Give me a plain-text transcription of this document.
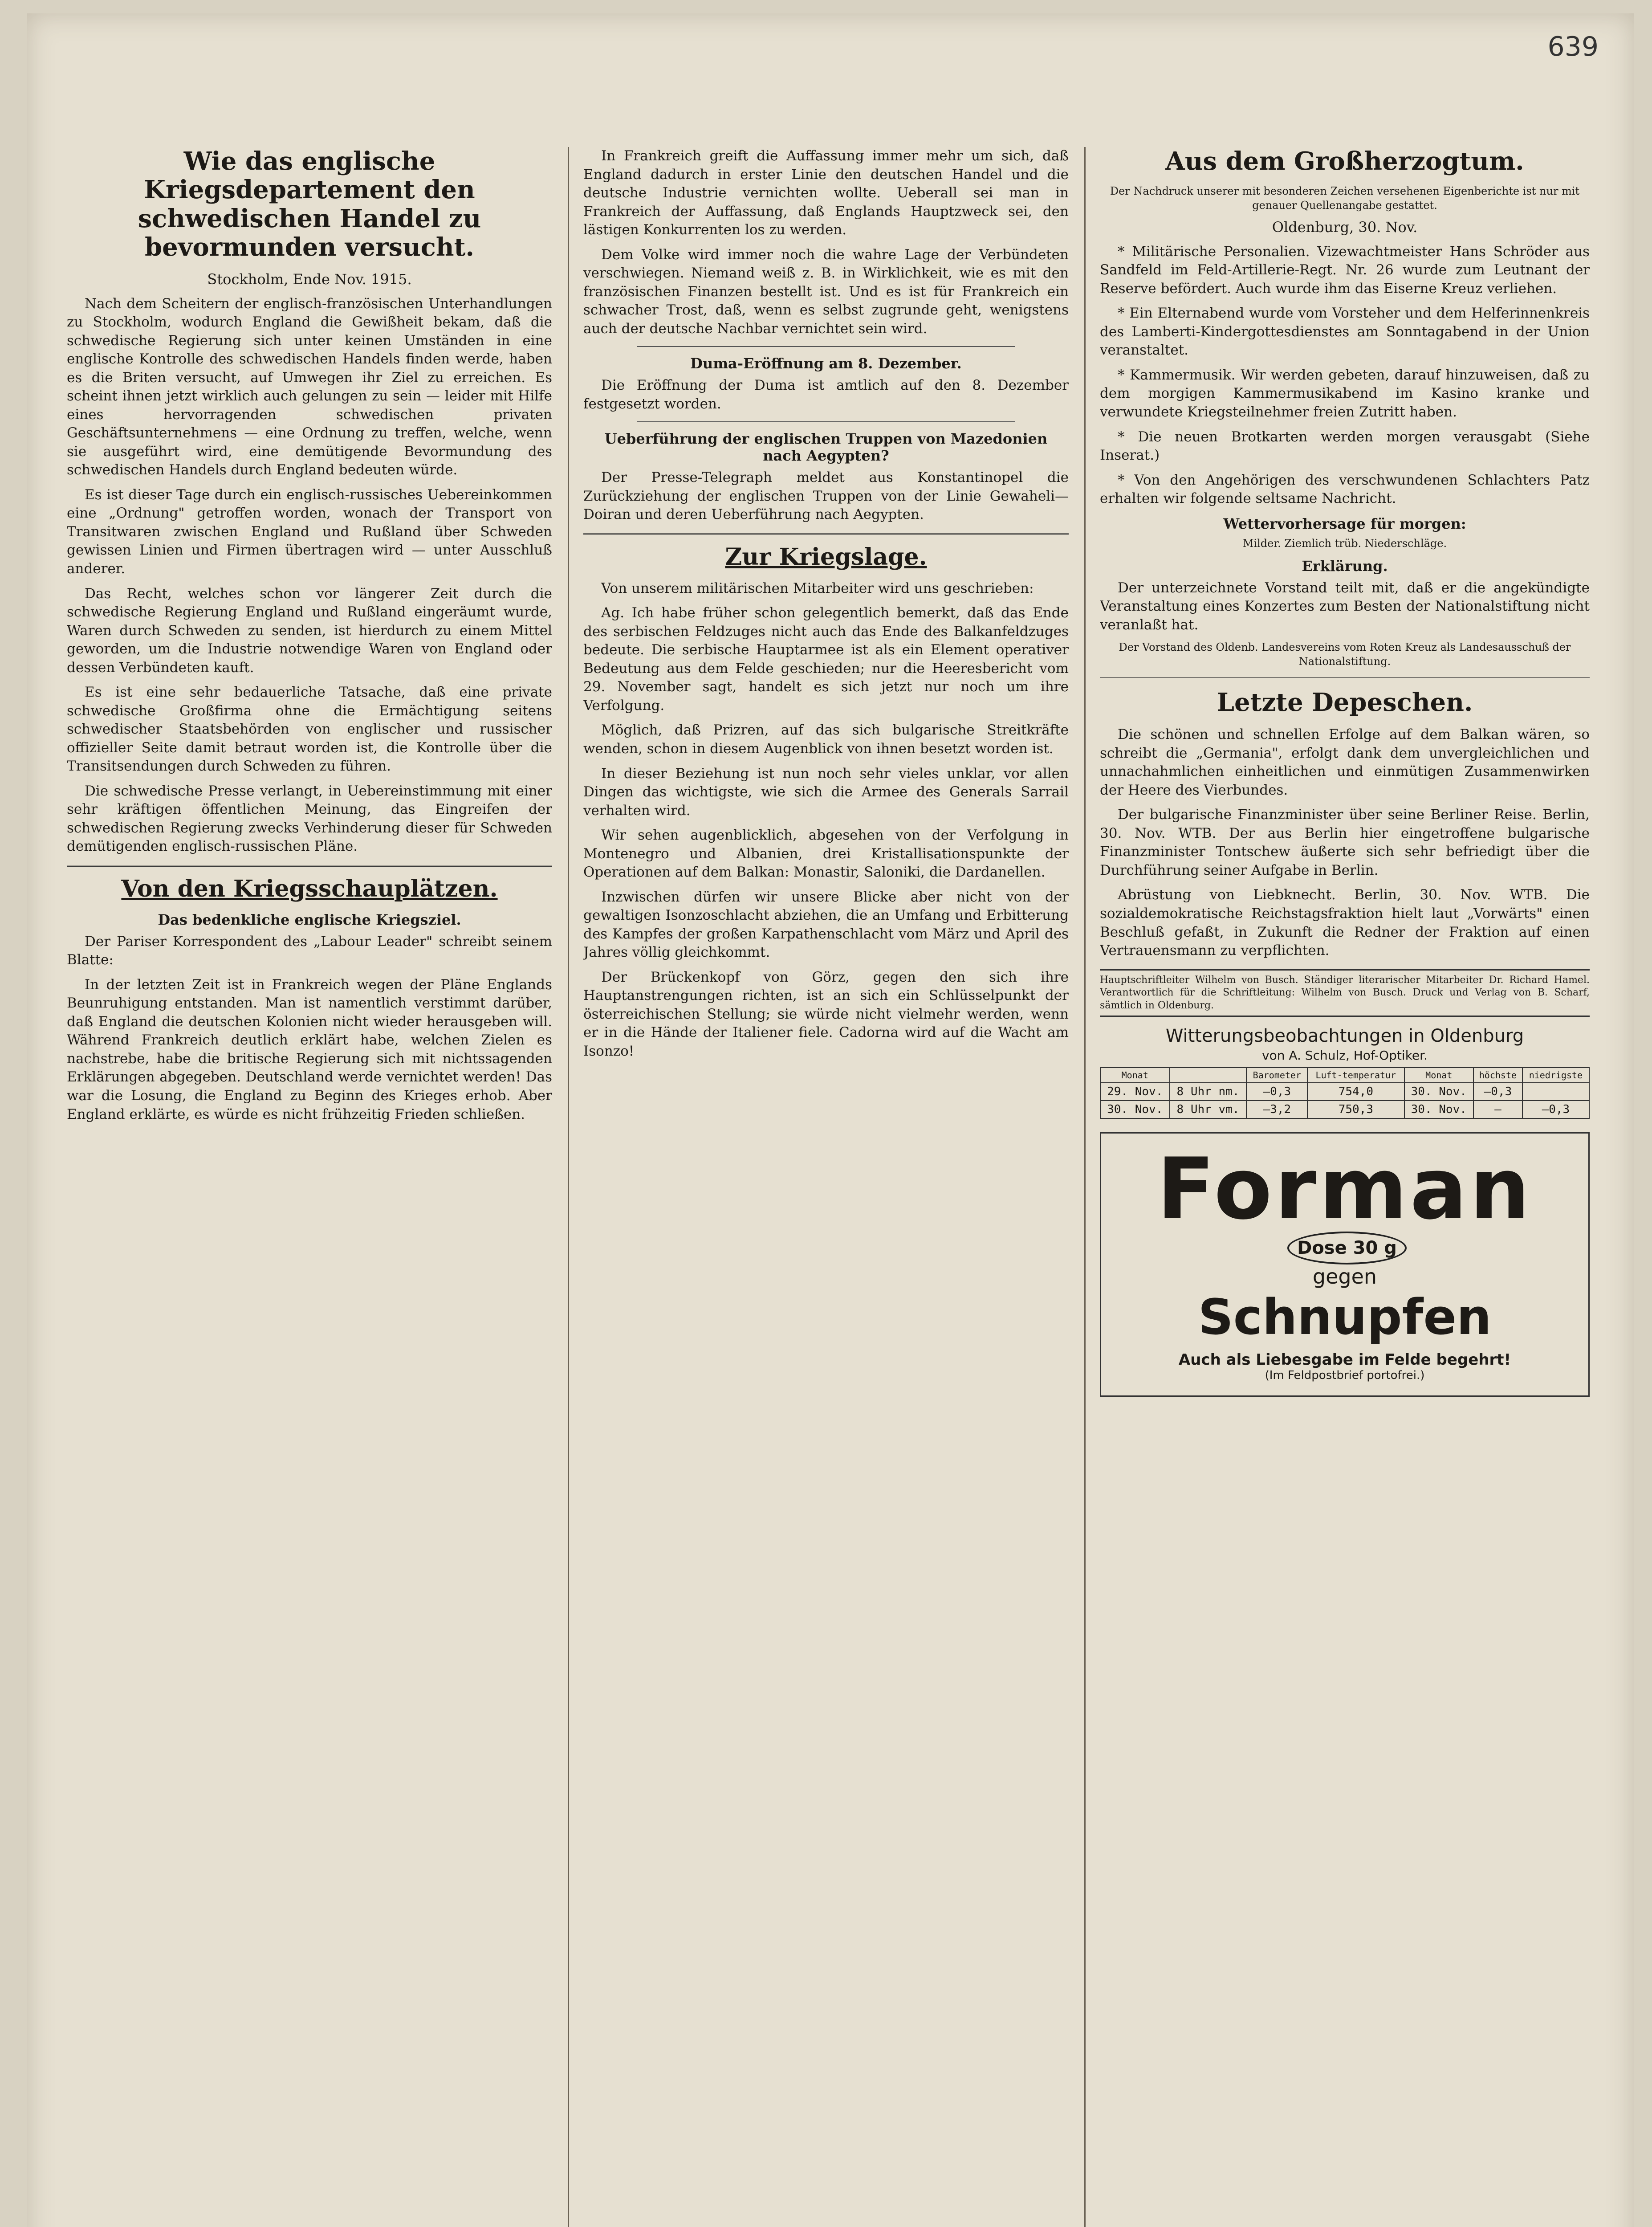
639
Wie das englische Kriegsdepartement den schwedischen Handel zu bevormunden versucht.
Stockholm, Ende Nov. 1915.

Nach dem Scheitern der englisch-französischen Unterhandlungen zu Stockholm, wodurch England die Gewißheit bekam, daß die schwedische Regierung sich unter keinen Umständen in eine englische Kontrolle des schwedischen Handels finden werde, haben es die Briten versucht, auf Umwegen ihr Ziel zu erreichen. Es scheint ihnen jetzt wirklich auch gelungen zu sein — leider mit Hilfe eines hervorragenden schwedischen privaten Geschäftsunternehmens — eine Ordnung zu treffen, welche, wenn sie ausgeführt wird, eine demütigende Bevormundung des schwedischen Handels durch England bedeuten würde.

Es ist dieser Tage durch ein englisch-russisches Uebereinkommen eine „Ordnung" getroffen worden, wonach der Transport von Transitwaren zwischen England und Rußland über Schweden gewissen Linien und Firmen übertragen wird — unter Ausschluß anderer.

Das Recht, welches schon vor längerer Zeit durch die schwedische Regierung England und Rußland eingeräumt wurde, Waren durch Schweden zu senden, ist hierdurch zu einem Mittel geworden, um die Industrie notwendige Waren von England oder dessen Verbündeten kauft.

Es ist eine sehr bedauerliche Tatsache, daß eine private schwedische Großfirma ohne die Ermächtigung seitens schwedischer Staatsbehörden von englischer und russischer offizieller Seite damit betraut worden ist, die Kontrolle über die Transitsendungen durch Schweden zu führen.

Die schwedische Presse verlangt, in Uebereinstimmung mit einer sehr kräftigen öffentlichen Meinung, das Eingreifen der schwedischen Regierung zwecks Verhinderung dieser für Schweden demütigenden englisch-russischen Pläne.

Von den Kriegsschauplätzen.
Das bedenkliche englische Kriegsziel.

Der Pariser Korrespondent des „Labour Leader" schreibt seinem Blatte:

In der letzten Zeit ist in Frankreich wegen der Pläne Englands Beunruhigung entstanden. Man ist namentlich verstimmt darüber, daß England die deutschen Kolonien nicht wieder herausgeben will. Während Frankreich deutlich erklärt habe, welchen Zielen es nachstrebe, habe die britische Regierung sich mit nichtssagenden Erklärungen abgegeben. Deutschland werde vernichtet werden! Das war die Losung, die England zu Beginn des Krieges erhob. Aber England erklärte, es würde es nicht frühzeitig Frieden schließen.

In Frankreich greift die Auffassung immer mehr um sich, daß England dadurch in erster Linie den deutschen Handel und die deutsche Industrie vernichten wollte. Ueberall sei man in Frankreich der Auffassung, daß Englands Hauptzweck sei, den lästigen Konkurrenten los zu werden.

Dem Volke wird immer noch die wahre Lage der Verbündeten verschwiegen. Niemand weiß z. B. in Wirklichkeit, wie es mit den französischen Finanzen bestellt ist. Und es ist für Frankreich ein schwacher Trost, daß, wenn es selbst zugrunde geht, wenigstens auch der deutsche Nachbar vernichtet sein wird.

Duma-Eröffnung am 8. Dezember.

Die Eröffnung der Duma ist amtlich auf den 8. Dezember festgesetzt worden.

Ueberführung der englischen Truppen von Mazedonien nach Aegypten?

Der Presse-Telegraph meldet aus Konstantinopel die Zurückziehung der englischen Truppen von der Linie Gewaheli—Doiran und deren Ueberführung nach Aegypten.

Zur Kriegslage.

Von unserem militärischen Mitarbeiter wird uns geschrieben:

Ag. Ich habe früher schon gelegentlich bemerkt, daß das Ende des serbischen Feldzuges nicht auch das Ende des Balkanfeldzuges bedeute. Die serbische Hauptarmee ist als ein Element operativer Bedeutung aus dem Felde geschieden; nur die Heeresbericht vom 29. November sagt, handelt es sich jetzt nur noch um ihre Verfolgung.

Möglich, daß Prizren, auf das sich bulgarische Streitkräfte wenden, schon in diesem Augenblick von ihnen besetzt worden ist.

In dieser Beziehung ist nun noch sehr vieles unklar, vor allen Dingen das wichtigste, wie sich die Armee des Generals Sarrail verhalten wird.

Wir sehen augenblicklich, abgesehen von der Verfolgung in Montenegro und Albanien, drei Kristallisationspunkte der Operationen auf dem Balkan: Monastir, Saloniki, die Dardanellen.

Inzwischen dürfen wir unsere Blicke aber nicht von der gewaltigen Isonzoschlacht abziehen, die an Umfang und Erbitterung des Kampfes der großen Karpathenschlacht vom März und April des Jahres völlig gleichkommt.

Der Brückenkopf von Görz, gegen den sich ihre Hauptanstrengungen richten, ist an sich ein Schlüsselpunkt der österreichischen Stellung; sie würde nicht vielmehr werden, wenn er in die Hände der Italiener fiele. Cadorna wird auf die Wacht am Isonzo!

Aus dem Großherzogtum.

Der Nachdruck unserer mit besonderen Zeichen versehenen Eigenberichte ist nur mit genauer Quellenangabe gestattet.

Oldenburg, 30. Nov.

* Militärische Personalien. Vizewachtmeister Hans Schröder aus Sandfeld im Feld-Artillerie-Regt. Nr. 26 wurde zum Leutnant der Reserve befördert. Auch wurde ihm das Eiserne Kreuz verliehen.

* Ein Elternabend wurde vom Vorsteher und dem Helferinnenkreis des Lamberti-Kindergottesdienstes am Sonntagabend in der Union veranstaltet.

* Kammermusik. Wir werden gebeten, darauf hinzuweisen, daß zu dem morgigen Kammermusikabend im Kasino kranke und verwundete Kriegsteilnehmer freien Zutritt haben.

* Die neuen Brotkarten werden morgen verausgabt (Siehe Inserat.)

* Von den Angehörigen des verschwundenen Schlachters Patz erhalten wir folgende seltsame Nachricht.

Wettervorhersage für morgen:

Milder. Ziemlich trüb. Niederschläge.

Erklärung.

Der unterzeichnete Vorstand teilt mit, daß er die angekündigte Veranstaltung eines Konzertes zum Besten der Nationalstiftung nicht veranlaßt hat.

Der Vorstand des Oldenb. Landesvereins vom Roten Kreuz als Landesausschuß der Nationalstiftung.

Letzte Depeschen.

Die schönen und schnellen Erfolge auf dem Balkan wären, so schreibt die „Germania", erfolgt dank dem unvergleichlichen und unnachahmlichen einheitlichen und einmütigen Zusammenwirken der Heere des Vierbundes.

Der bulgarische Finanzminister über seine Berliner Reise. Berlin, 30. Nov. WTB. Der aus Berlin hier eingetroffene bulgarische Finanzminister Tontschew äußerte sich sehr befriedigt über die Durchführung seiner Aufgabe in Berlin.

Abrüstung von Liebknecht. Berlin, 30. Nov. WTB. Die sozialdemokratische Reichstagsfraktion hielt laut „Vorwärts" einen Beschluß gefaßt, in Zukunft die Redner der Fraktion auf einen Vertrauensmann zu verpflichten.

Hauptschriftleiter Wilhelm von Busch. Ständiger literarischer Mitarbeiter Dr. Richard Hamel. Verantwortlich für die Schriftleitung: Wilhelm von Busch. Druck und Verlag von B. Scharf, sämtlich in Oldenburg.

Witterungsbeobachtungen in Oldenburg
von A. Schulz, Hof-Optiker.
Monat		Barometer	Luft-temperatur	Monat	höchste	niedrigste
29. Nov.	8 Uhr nm.	—0,3	754,0	30. Nov.	—0,3	
30. Nov.	8 Uhr vm.	—3,2	750,3	30. Nov.	—	—0,3
Forman Dose 30 g
gegen
Schnupfen
Auch als Liebesgabe im Felde begehrt!
(Im Feldpostbrief portofrei.)
